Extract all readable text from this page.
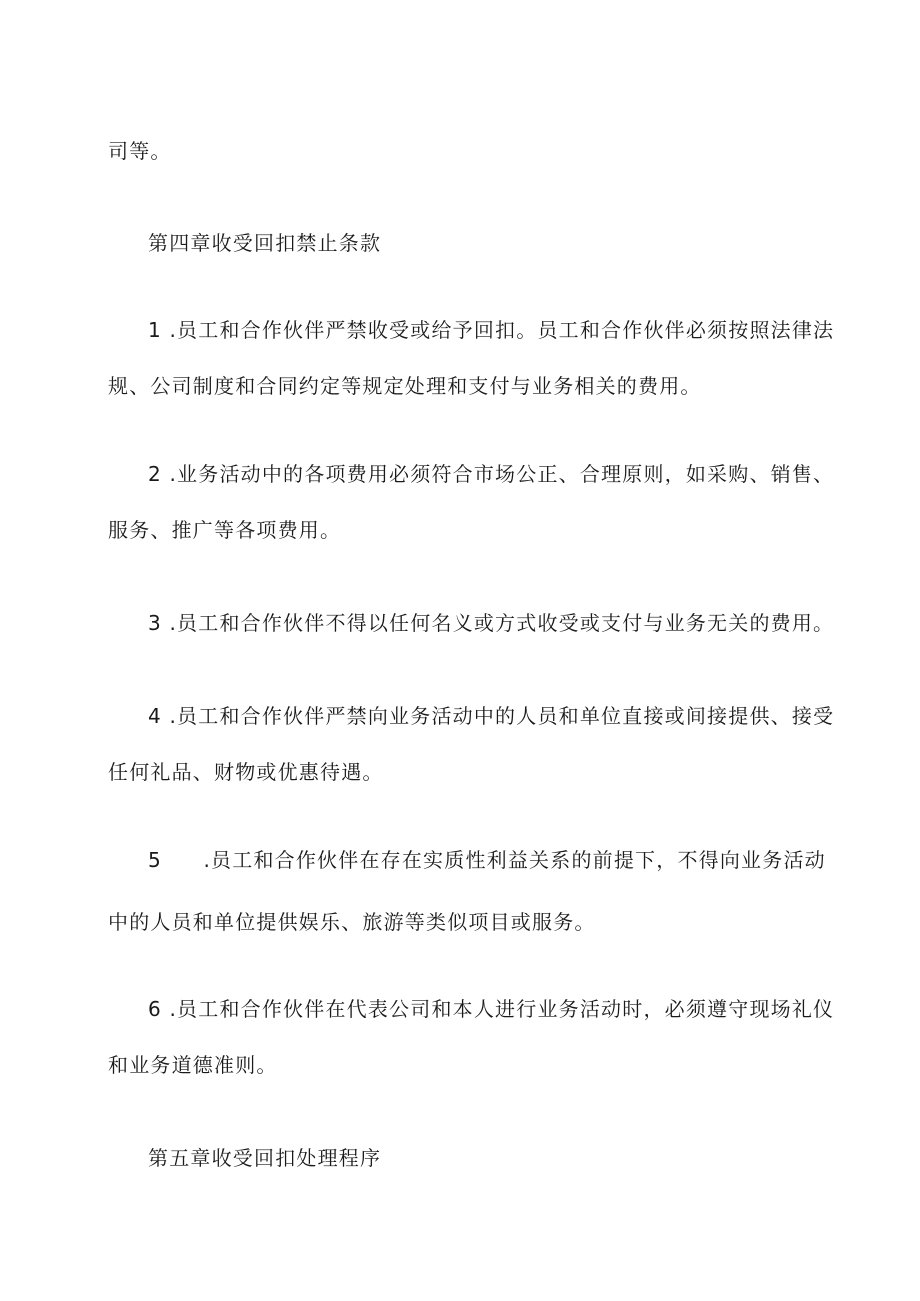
司等。
第四章收受回扣禁止条款
1 .员工和合作伙伴严禁收受或给予回扣。员工和合作伙伴必须按照法律法
规、公司制度和合同约定等规定处理和支付与业务相关的费用。
2 .业务活动中的各项费用必须符合市场公正、合理原则，如采购、销售、
服务、推广等各项费用。
3 .员工和合作伙伴不得以任何名义或方式收受或支付与业务无关的费用。
4 .员工和合作伙伴严禁向业务活动中的人员和单位直接或间接提供、接受
任何礼品、财物或优惠待遇。
5 .员工和合作伙伴在存在实质性利益关系的前提下，不得向业务活动
中的人员和单位提供娱乐、旅游等类似项目或服务。
6 .员工和合作伙伴在代表公司和本人进行业务活动时，必须遵守现场礼仪
和业务道德准则。
第五章收受回扣处理程序
